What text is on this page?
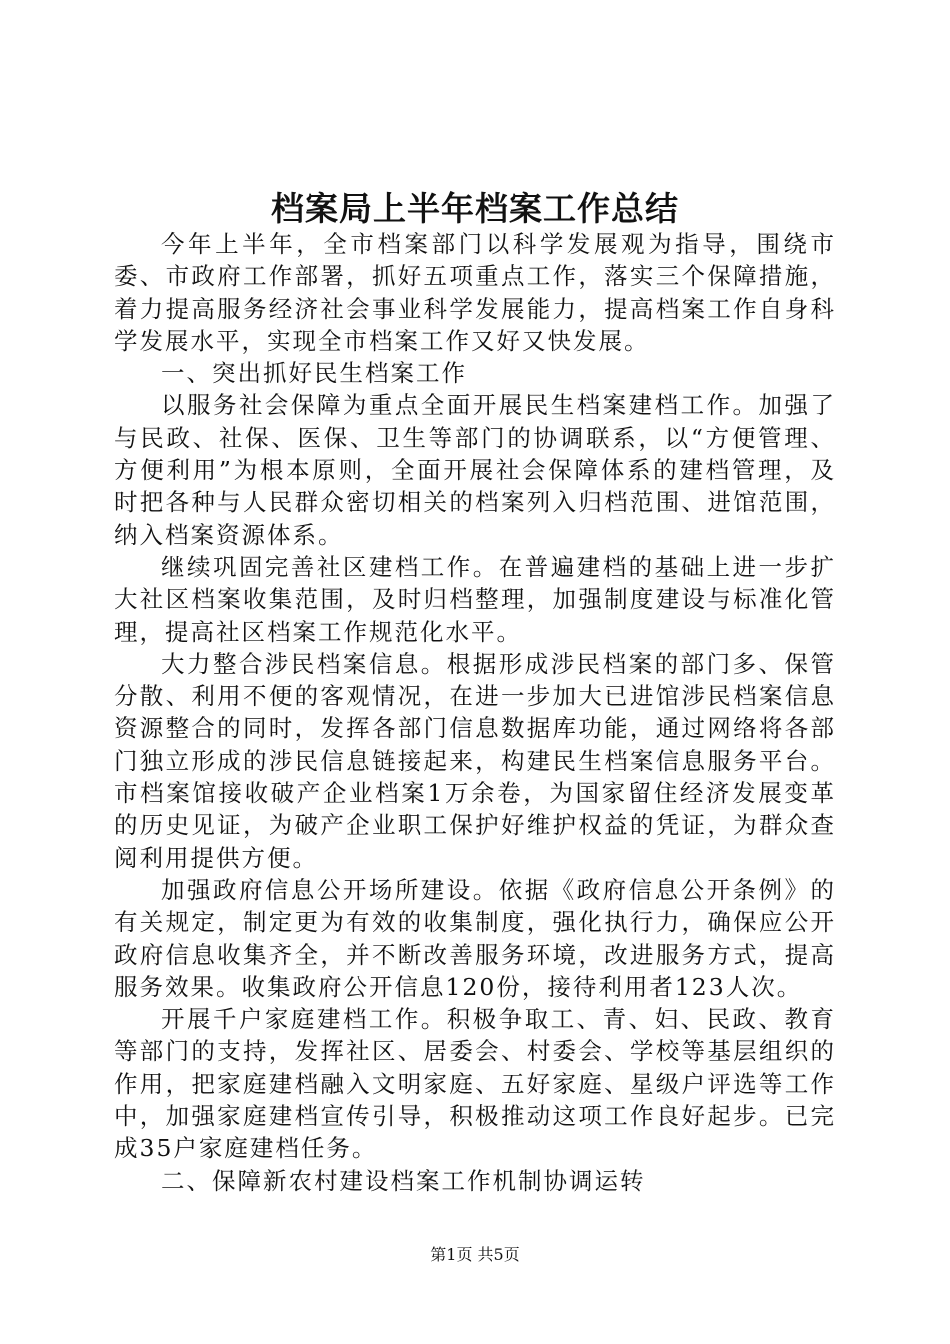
档案局上半年档案工作总结

今年上半年，全市档案部门以科学发展观为指导，围绕市委、市政府工作部署，抓好五项重点工作，落实三个保障措施，着力提高服务经济社会事业科学发展能力，提高档案工作自身科学发展水平，实现全市档案工作又好又快发展。

一、突出抓好民生档案工作

以服务社会保障为重点全面开展民生档案建档工作。加强了与民政、社保、医保、卫生等部门的协调联系，以“方便管理、方便利用”为根本原则，全面开展社会保障体系的建档管理，及时把各种与人民群众密切相关的档案列入归档范围、进馆范围，纳入档案资源体系。

继续巩固完善社区建档工作。在普遍建档的基础上进一步扩大社区档案收集范围，及时归档整理，加强制度建设与标准化管理，提高社区档案工作规范化水平。

大力整合涉民档案信息。根据形成涉民档案的部门多、保管分散、利用不便的客观情况，在进一步加大已进馆涉民档案信息资源整合的同时，发挥各部门信息数据库功能，通过网络将各部门独立形成的涉民信息链接起来，构建民生档案信息服务平台。市档案馆接收破产企业档案1万余卷，为国家留住经济发展变革的历史见证，为破产企业职工保护好维护权益的凭证，为群众查阅利用提供方便。

加强政府信息公开场所建设。依据《政府信息公开条例》的有关规定，制定更为有效的收集制度，强化执行力，确保应公开政府信息收集齐全，并不断改善服务环境，改进服务方式，提高服务效果。收集政府公开信息120份，接待利用者123人次。

开展千户家庭建档工作。积极争取工、青、妇、民政、教育等部门的支持，发挥社区、居委会、村委会、学校等基层组织的作用，把家庭建档融入文明家庭、五好家庭、星级户评选等工作中，加强家庭建档宣传引导，积极推动这项工作良好起步。已完成35户家庭建档任务。

二、保障新农村建设档案工作机制协调运转

第1页 共5页
